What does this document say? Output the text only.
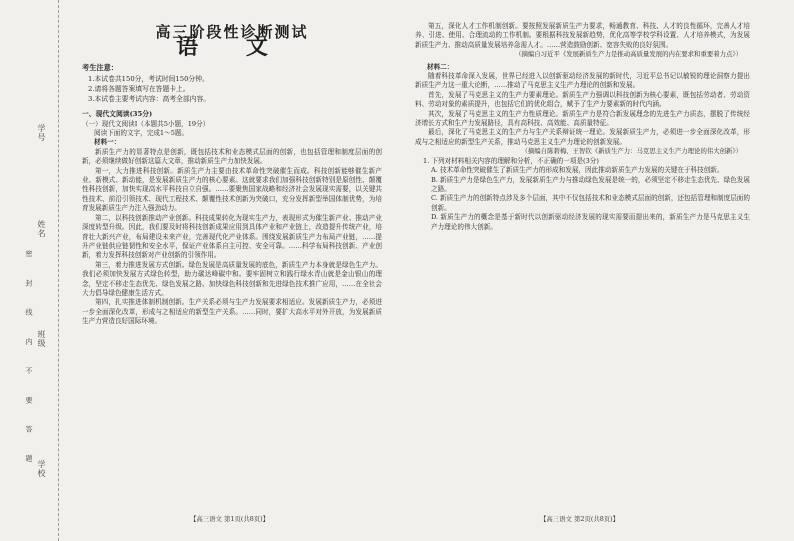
学号
姓名
密 封 线 内 不 要 答 题 班级
学校
高三阶段性诊断测试
语 文
考生注意：
1.本试卷共150分，考试时间150分钟。
2.请将各题答案填写在答题卡上。
3.本试卷主要考试内容：高考全部内容。
一、现代文阅读(35分)
（一）现代文阅读Ⅰ（本题共5小题，19分）
阅读下面的文字，完成1～5题。
材料一：

新质生产力的显著特点是创新，既包括技术和业态模式层面的创新，也包括管理和制度层面的创新，必须继续做好创新这篇大文章，推动新质生产力加快发展。

第一，大力推进科技创新。新质生产力主要由技术革命性突破催生而成。科技创新能够催生新产业、新模式、新动能，是发展新质生产力的核心要素。这就要求我们加强科技创新特别是原创性、颠覆性科技创新，加快实现高水平科技自立自强。……要聚焦国家战略和经济社会发展现实需要，以关键共性技术、前沿引领技术、现代工程技术、颠覆性技术创新为突破口，充分发挥新型举国体制优势，为培育发展新质生产力注入强劲动力。

第二，以科技创新推动产业创新。科技成果转化为现实生产力，表现形式为催生新产业、推动产业深度转型升级。因此，我们要及时将科技创新成果应用到具体产业和产业链上，改造提升传统产业，培育壮大新兴产业，布局建设未来产业，完善现代化产业体系。围绕发展新质生产力布局产业链，……提升产业链供应链韧性和安全水平，保证产业体系自主可控、安全可靠。……科学布局科技创新、产业创新，着力发挥科技创新对产业创新的引领作用。

第三，着力推进发展方式创新。绿色发展是高质量发展的底色，新质生产力本身就是绿色生产力。我们必须加快发展方式绿色转型，助力碳达峰碳中和。要牢固树立和践行绿水青山就是金山银山的理念，坚定不移走生态优先、绿色发展之路。加快绿色科技创新和先进绿色技术推广应用，……在全社会大力倡导绿色健康生活方式。

第四，扎实推进体制机制创新。生产关系必须与生产力发展要求相适应。发展新质生产力，必须进一步全面深化改革，形成与之相适应的新型生产关系。……同时，要扩大高水平对外开放，为发展新质生产力营造良好国际环境。

【高三语文 第1页(共8页)】

第五，深化人才工作机制创新。要按照发展新质生产力要求，畅通教育、科技、人才的良性循环，完善人才培养、引进、使用、合理流动的工作机制。要根据科技发展新趋势，优化高等学校学科设置、人才培养模式，为发展新质生产力、推动高质量发展培养急需人才。……营造鼓励创新、宽容失败的良好氛围。

（摘编自习近平《发展新质生产力是推动高质量发展的内在要求和重要着力点》）
材料二：

随着科技革命深入发展，世界已经进入以创新驱动经济发展的新时代，习近平总书记以敏锐的理论洞察力提出新质生产力这一重大论断，……推动了马克思主义生产力理论的创新和发展。

首先，发展了马克思主义的生产力要素理论。新质生产力强调以科技创新为核心要素，既包括劳动者、劳动资料、劳动对象的素质提升，也包括它们的优化组合，赋予了生产力要素新的时代内涵。

其次，发展了马克思主义的生产力性质理论。新质生产力是符合新发展理念的先进生产力质态，摆脱了传统经济增长方式和生产力发展路径，具有高科技、高效能、高质量特征。

最后，深化了马克思主义的生产力与生产关系辩证统一理论。发展新质生产力，必须进一步全面深化改革，形成与之相适应的新型生产关系，推动马克思主义生产力理论的创新发展。

（摘编自陈碧梅、王智钦《新质生产力：马克思主义生产力理论的伟大创新》）

1. 下列对材料相关内容的理解和分析，不正确的一项是(3分)

A. 技术革命性突破催生了新质生产力的形成和发展，因此推动新质生产力发展的关键在于科技创新。

B. 新质生产力是绿色生产力，发展新质生产力与推动绿色发展是统一的，必须坚定不移走生态优先、绿色发展之路。

C. 新质生产力的创新特点涉及多个层面，其中不仅包括技术和业态模式层面的创新，还包括管理和制度层面的创新。

D. 新质生产力的概念是基于新时代以创新驱动经济发展的现实需要而提出来的，新质生产力是马克思主义生产力理论的伟大创新。

【高三语文 第2页(共8页)】
